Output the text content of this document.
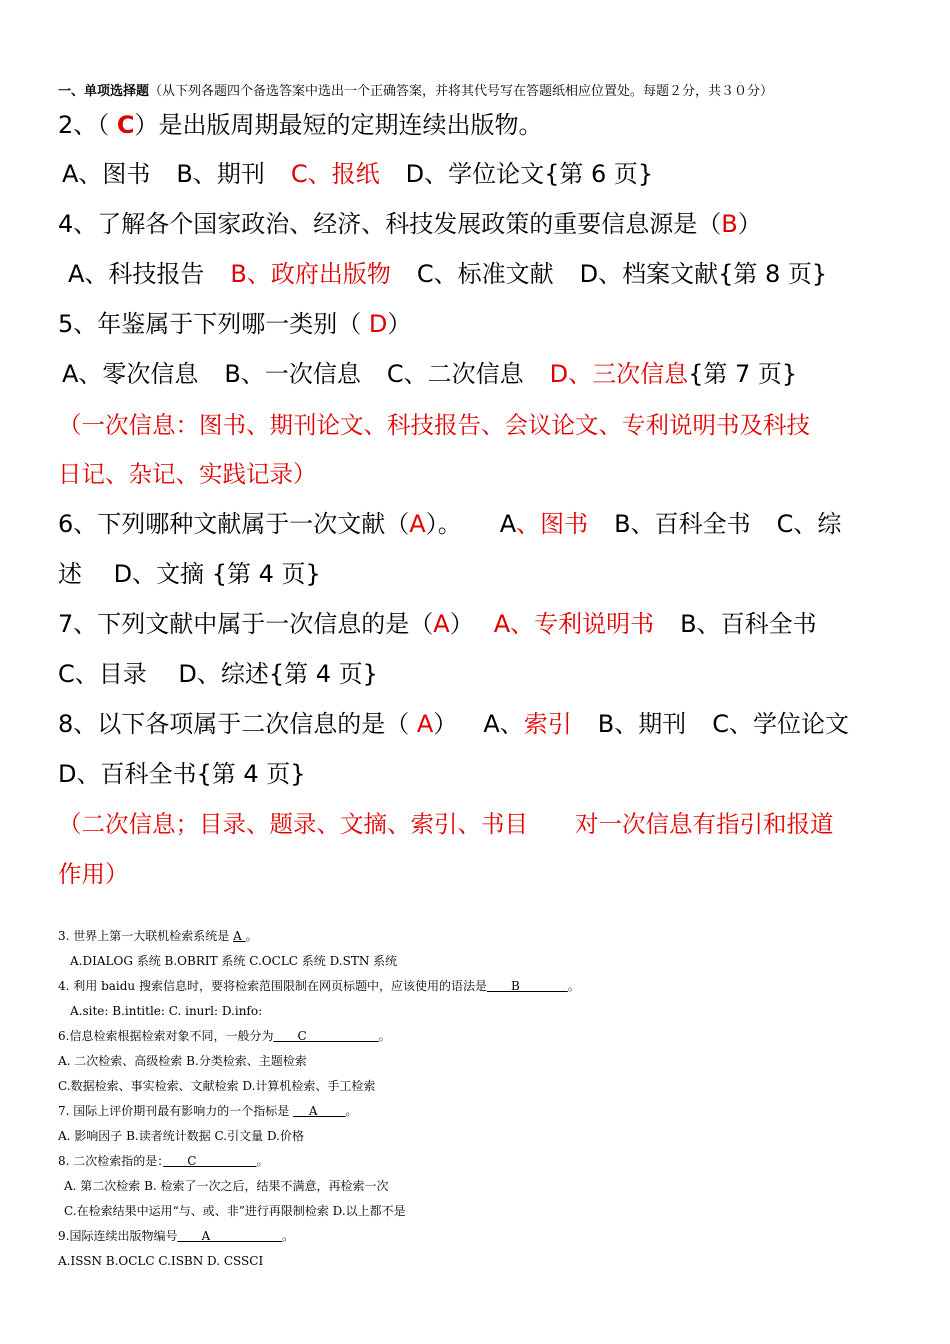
一、单项选择题（从下列各题四个备选答案中选出一个正确答案，并将其代号写在答题纸相应位置处。每题２分，共３０分）
2、（ C）是出版周期最短的定期连续出版物。
A、图书 B、期刊 C、报纸 D、学位论文{第 6 页}
4、了解各个国家政治、经济、科技发展政策的重要信息源是（B）
A、科技报告 B、政府出版物 C、标准文献 D、档案文献{第 8 页}
5、年鉴属于下列哪一类别（ D）
A、零次信息 B、一次信息 C、二次信息 D、三次信息{第 7 页}
（一次信息：图书、期刊论文、科技报告、会议论文、专利说明书及科技
日记、杂记、实践记录）
6、下列哪种文献属于一次文献（A）。 A、图书 B、百科全书 C、综
述　 D、文摘 {第 4 页}
7、下列文献中属于一次信息的是（A） A、专利说明书 B、百科全书
C、目录　 D、综述{第 4 页}
8、以下各项属于二次信息的是（ A） A、索引 B、期刊 C、学位论文
D、百科全书{第 4 页}
（二次信息；目录、题录、文摘、索引、书目　　对一次信息有指引和报道
作用）
3. 世界上第一大联机检索系统是 A 。
A.DIALOG 系统 B.OBRIT 系统 C.OCLC 系统 D.STN 系统
4. 利用 baidu 搜索信息时，要将检索范围限制在网页标题中，应该使用的语法是　　B　　　　。
A.site: B.intitle: C. inurl: D.info:
6.信息检索根据检索对象不同，一般分为　　C　　　　　　。
A. 二次检索、高级检索 B.分类检索、主题检索
C.数据检索、事实检索、文献检索 D.计算机检索、手工检索
7. 国际上评价期刊最有影响力的一个指标是 　 A　　 。
A. 影响因子 B.读者统计数据 C.引文量 D.价格
8. 二次检索指的是：　　C　　　　　。
A. 第二次检索 B. 检索了一次之后，结果不满意，再检索一次
C.在检索结果中运用“与、或、非”进行再限制检索 D.以上都不是
9.国际连续出版物编号　　A　　　　　　。
A.ISSN B.OCLC C.ISBN D. CSSCI
